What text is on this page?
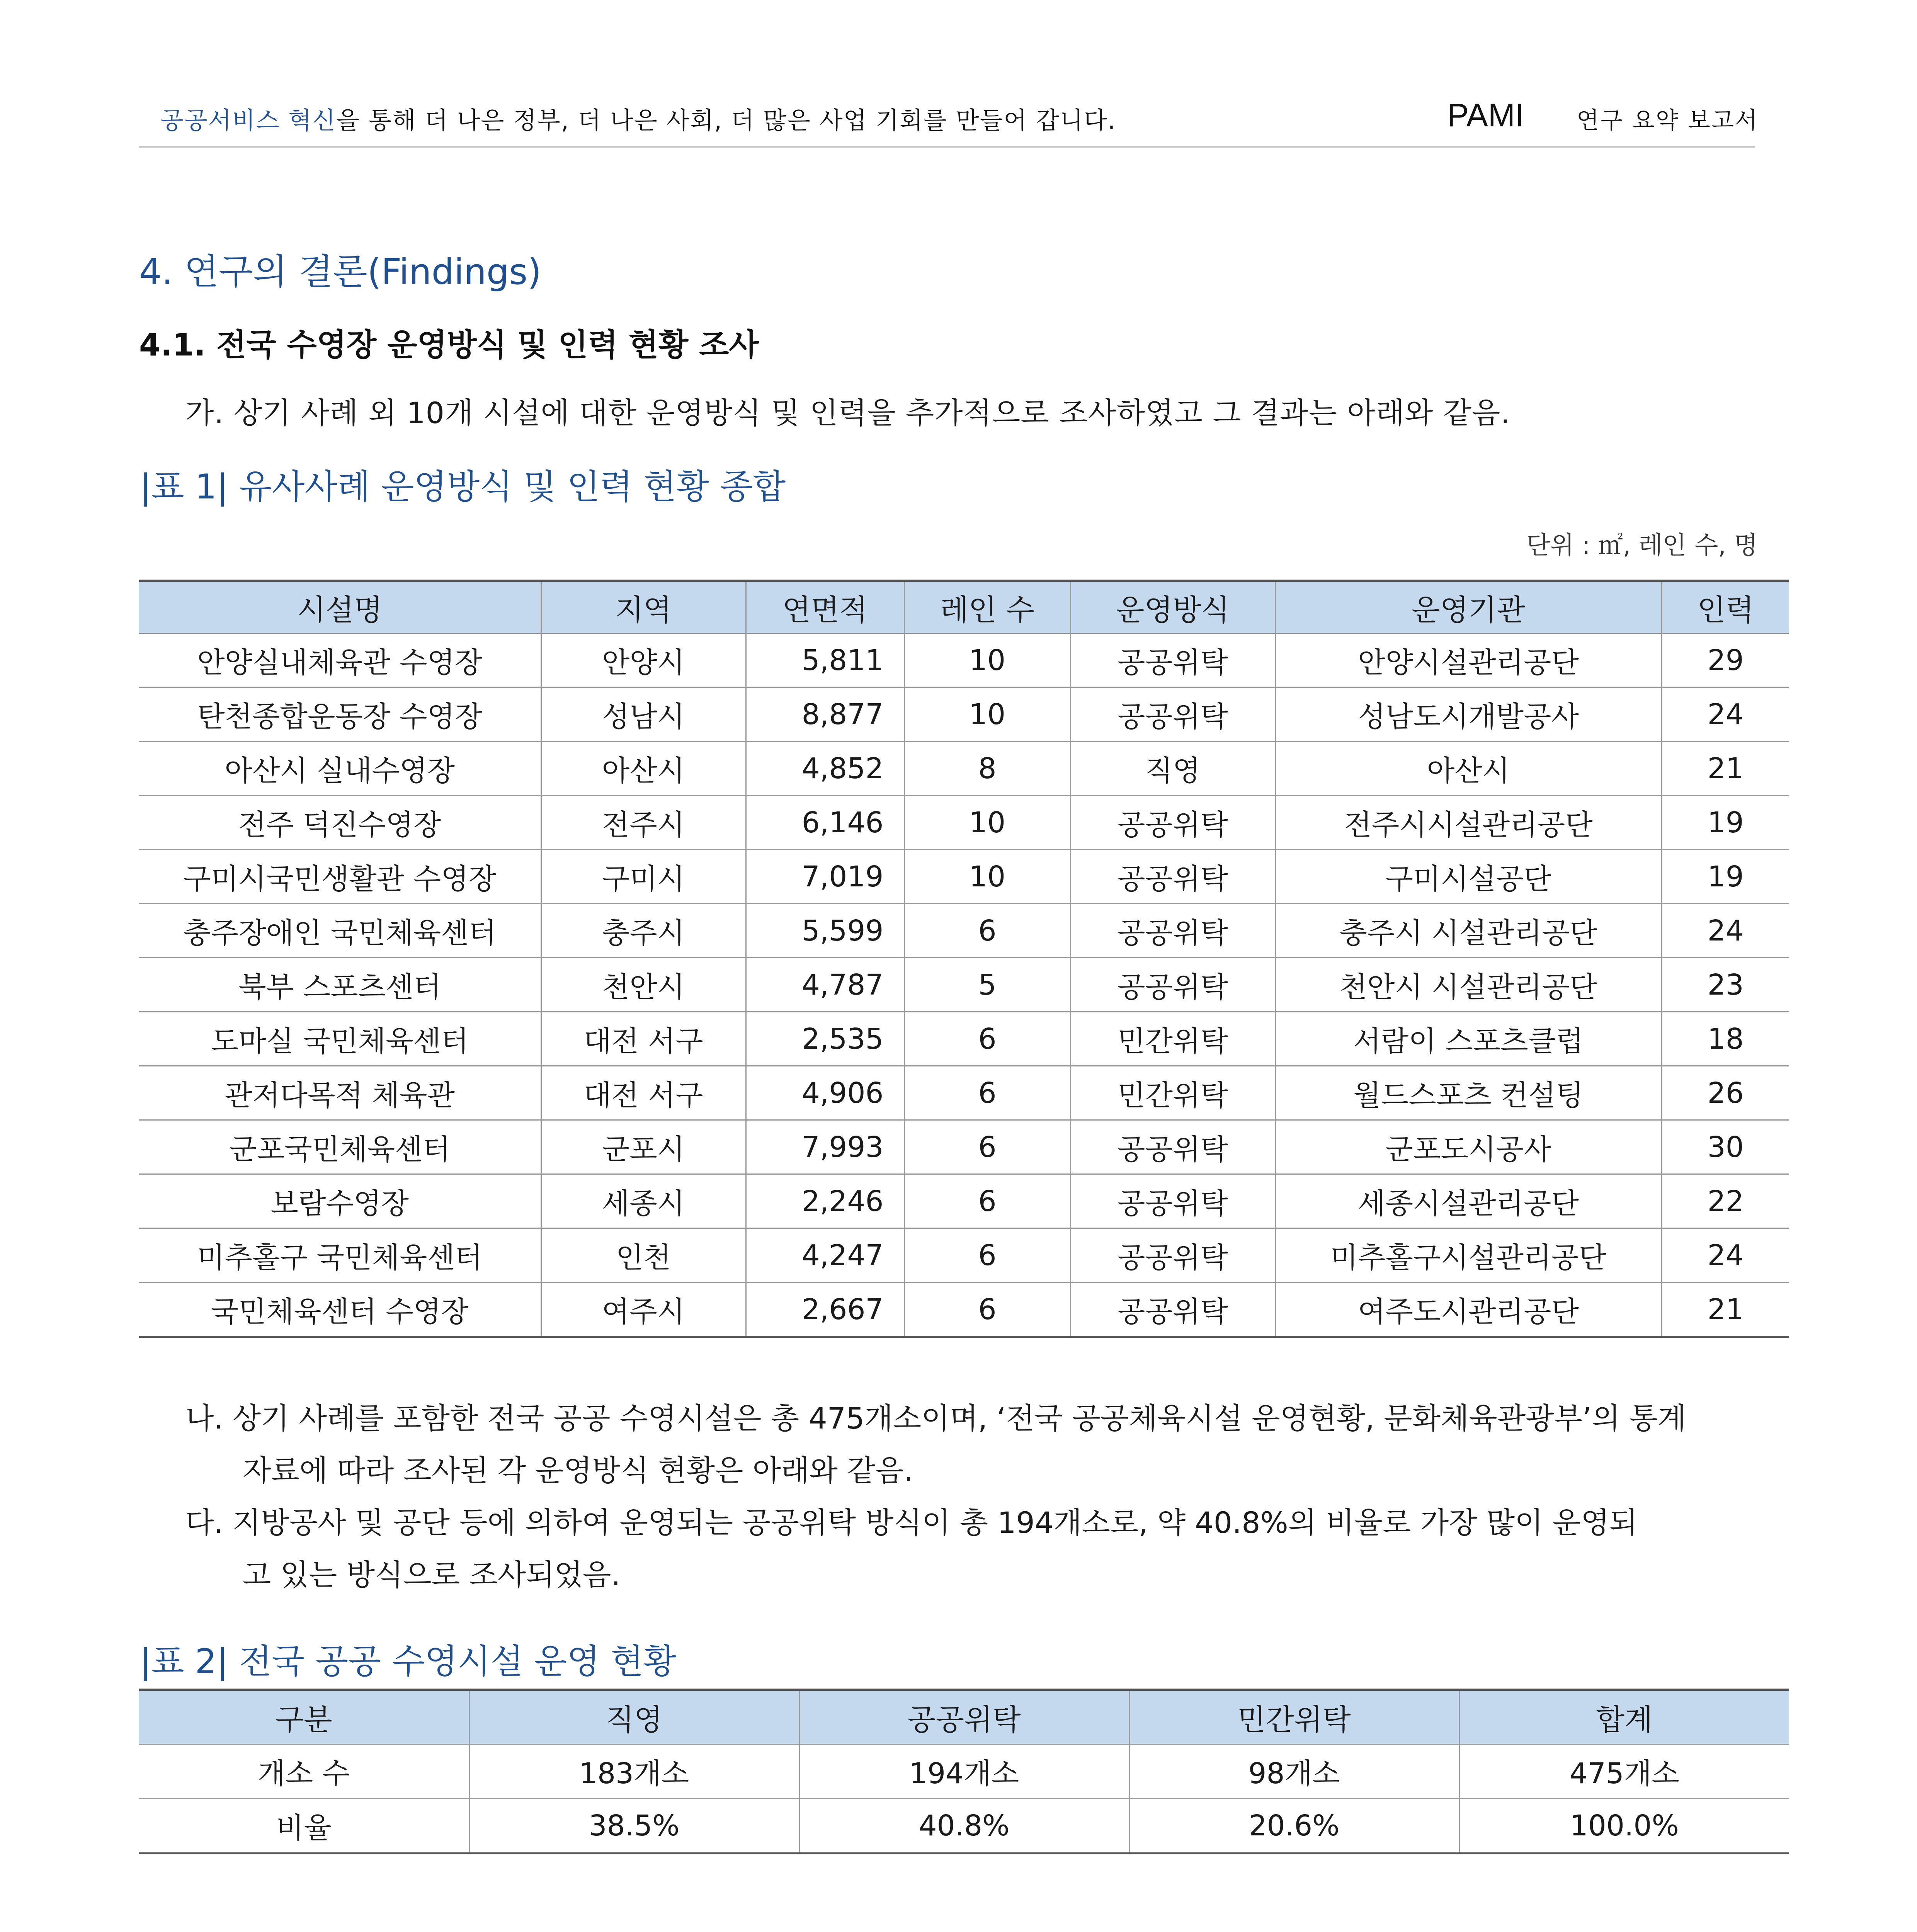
공공서비스 혁신을 통해 더 나은 정부, 더 나은 사회, 더 많은 사업 기회를 만들어 갑니다.	PAMI 연구 요약 보고서
4. 연구의 결론(Findings)
4.1. 전국 수영장 운영방식 및 인력 현황 조사
가. 상기 사례 외 10개 시설에 대한 운영방식 및 인력을 추가적으로 조사하였고 그 결과는 아래와 같음.
|표 1| 유사사례 운영방식 및 인력 현황 종합
단위 : ㎡, 레인 수, 명
시설명	지역	연면적	레인 수	운영방식	운영기관	인력
안양실내체육관 수영장	안양시	5,811	10	공공위탁	안양시설관리공단	29
탄천종합운동장 수영장	성남시	8,877	10	공공위탁	성남도시개발공사	24
아산시 실내수영장	아산시	4,852	8	직영	아산시	21
전주 덕진수영장	전주시	6,146	10	공공위탁	전주시시설관리공단	19
구미시국민생활관 수영장	구미시	7,019	10	공공위탁	구미시설공단	19
충주장애인 국민체육센터	충주시	5,599	6	공공위탁	충주시 시설관리공단	24
북부 스포츠센터	천안시	4,787	5	공공위탁	천안시 시설관리공단	23
도마실 국민체육센터	대전 서구	2,535	6	민간위탁	서람이 스포츠클럽	18
관저다목적 체육관	대전 서구	4,906	6	민간위탁	월드스포츠 컨설팅	26
군포국민체육센터	군포시	7,993	6	공공위탁	군포도시공사	30
보람수영장	세종시	2,246	6	공공위탁	세종시설관리공단	22
미추홀구 국민체육센터	인천	4,247	6	공공위탁	미추홀구시설관리공단	24
국민체육센터 수영장	여주시	2,667	6	공공위탁	여주도시관리공단	21
나. 상기 사례를 포함한 전국 공공 수영시설은 총 475개소이며, ‘전국 공공체육시설 운영현황, 문화체육관광부’의 통계
자료에 따라 조사된 각 운영방식 현황은 아래와 같음.
다. 지방공사 및 공단 등에 의하여 운영되는 공공위탁 방식이 총 194개소로, 약 40.8%의 비율로 가장 많이 운영되
고 있는 방식으로 조사되었음.
|표 2| 전국 공공 수영시설 운영 현황
구분	직영	공공위탁	민간위탁	합계
개소 수	183개소	194개소	98개소	475개소
비율	38.5%	40.8%	20.6%	100.0%
